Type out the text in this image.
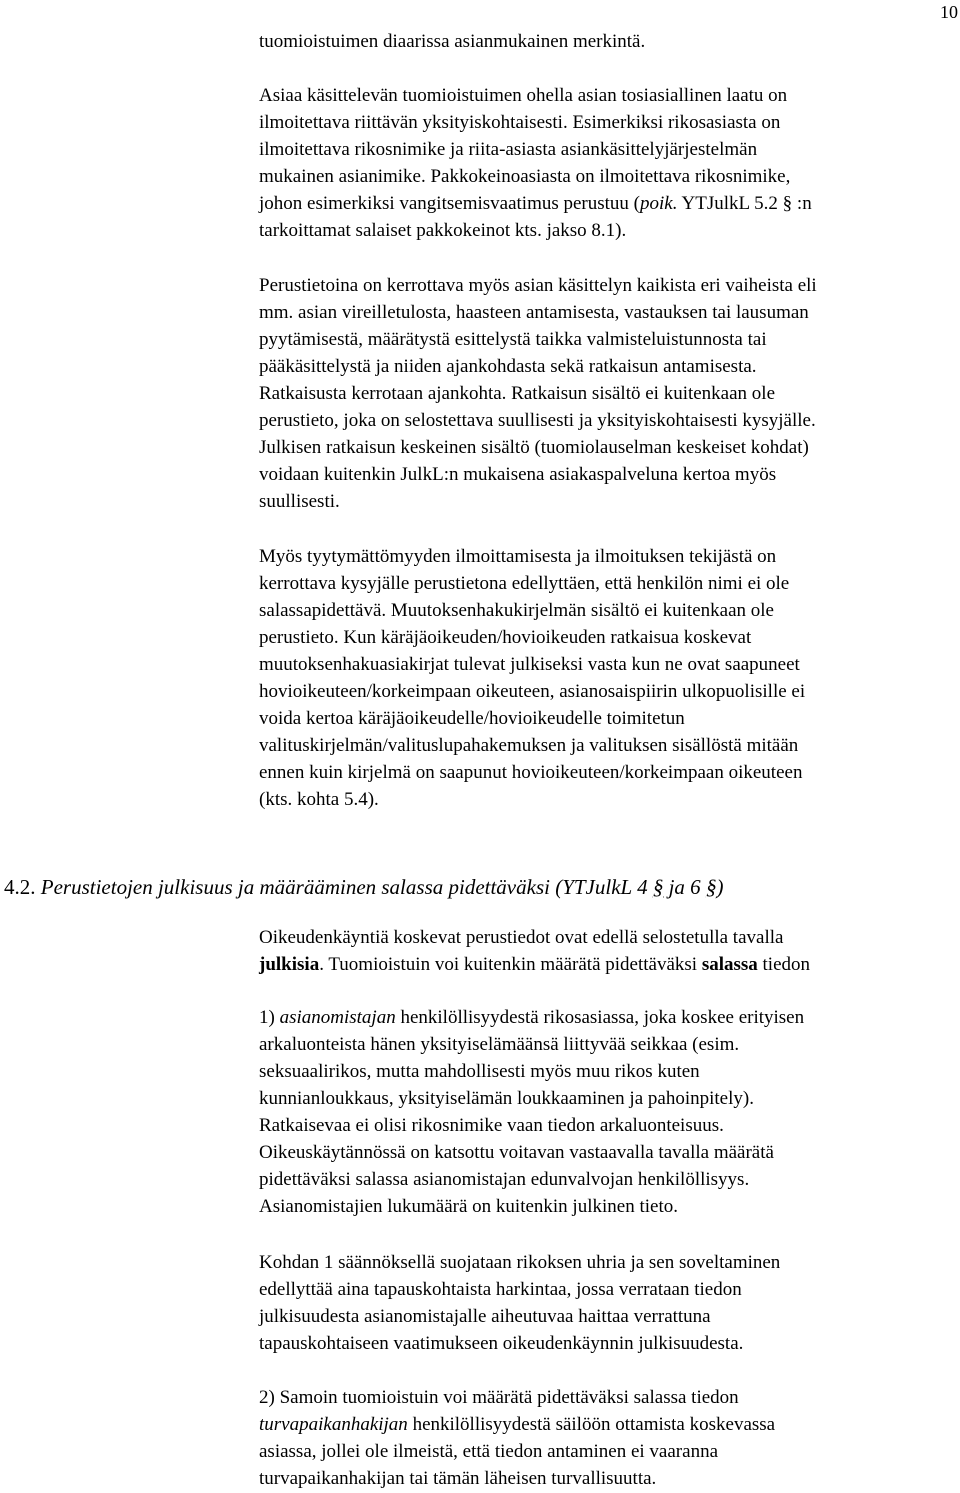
10
tuomioistuimen diaarissa asianmukainen merkintä.
Asiaa käsittelevän tuomioistuimen ohella asian tosiasiallinen laatu on
ilmoitettava riittävän yksityiskohtaisesti. Esimerkiksi rikosasiasta on
ilmoitettava rikosnimike ja riita-asiasta asiankäsittelyjärjestelmän
mukainen asianimike. Pakkokeinoasiasta on ilmoitettava rikosnimike,
johon esimerkiksi vangitsemisvaatimus perustuu (poik. YTJulkL 5.2 § :n
tarkoittamat salaiset pakkokeinot kts. jakso 8.1).
Perustietoina on kerrottava myös asian käsittelyn kaikista eri vaiheista eli
mm. asian vireilletulosta, haasteen antamisesta, vastauksen tai lausuman
pyytämisestä, määrätystä esittelystä taikka valmisteluistunnosta tai
pääkäsittelystä ja niiden ajankohdasta sekä ratkaisun antamisesta.
Ratkaisusta kerrotaan ajankohta. Ratkaisun sisältö ei kuitenkaan ole
perustieto, joka on selostettava suullisesti ja yksityiskohtaisesti kysyjälle.
Julkisen ratkaisun keskeinen sisältö (tuomiolauselman keskeiset kohdat)
voidaan kuitenkin JulkL:n mukaisena asiakaspalveluna kertoa myös
suullisesti.
Myös tyytymättömyyden ilmoittamisesta ja ilmoituksen tekijästä on
kerrottava kysyjälle perustietona edellyttäen, että henkilön nimi ei ole
salassapidettävä. Muutoksenhakukirjelmän sisältö ei kuitenkaan ole
perustieto. Kun käräjäoikeuden/hovioikeuden ratkaisua koskevat
muutoksenhakuasiakirjat tulevat julkiseksi vasta kun ne ovat saapuneet
hovioikeuteen/korkeimpaan oikeuteen, asianosaispiirin ulkopuolisille ei
voida kertoa käräjäoikeudelle/hovioikeudelle toimitetun
valituskirjelmän/valituslupahakemuksen ja valituksen sisällöstä mitään
ennen kuin kirjelmä on saapunut hovioikeuteen/korkeimpaan oikeuteen
(kts. kohta 5.4).
4.2. Perustietojen julkisuus ja määrääminen salassa pidettäväksi (YTJulkL 4 § ja 6 §)
Oikeudenkäyntiä koskevat perustiedot ovat edellä selostetulla tavalla
julkisia. Tuomioistuin voi kuitenkin määrätä pidettäväksi salassa tiedon
1) asianomistajan henkilöllisyydestä rikosasiassa, joka koskee erityisen
arkaluonteista hänen yksityiselämäänsä liittyvää seikkaa (esim.
seksuaalirikos, mutta mahdollisesti myös muu rikos kuten
kunnianloukkaus, yksityiselämän loukkaaminen ja pahoinpitely).
Ratkaisevaa ei olisi rikosnimike vaan tiedon arkaluonteisuus.
Oikeuskäytännössä on katsottu voitavan vastaavalla tavalla määrätä
pidettäväksi salassa asianomistajan edunvalvojan henkilöllisyys.
Asianomistajien lukumäärä on kuitenkin julkinen tieto.
Kohdan 1 säännöksellä suojataan rikoksen uhria ja sen soveltaminen
edellyttää aina tapauskohtaista harkintaa, jossa verrataan tiedon
julkisuudesta asianomistajalle aiheutuvaa haittaa verrattuna
tapauskohtaiseen vaatimukseen oikeudenkäynnin julkisuudesta.
2) Samoin tuomioistuin voi määrätä pidettäväksi salassa tiedon
turvapaikanhakijan henkilöllisyydestä säilöön ottamista koskevassa
asiassa, jollei ole ilmeistä, että tiedon antaminen ei vaaranna
turvapaikanhakijan tai tämän läheisen turvallisuutta.
